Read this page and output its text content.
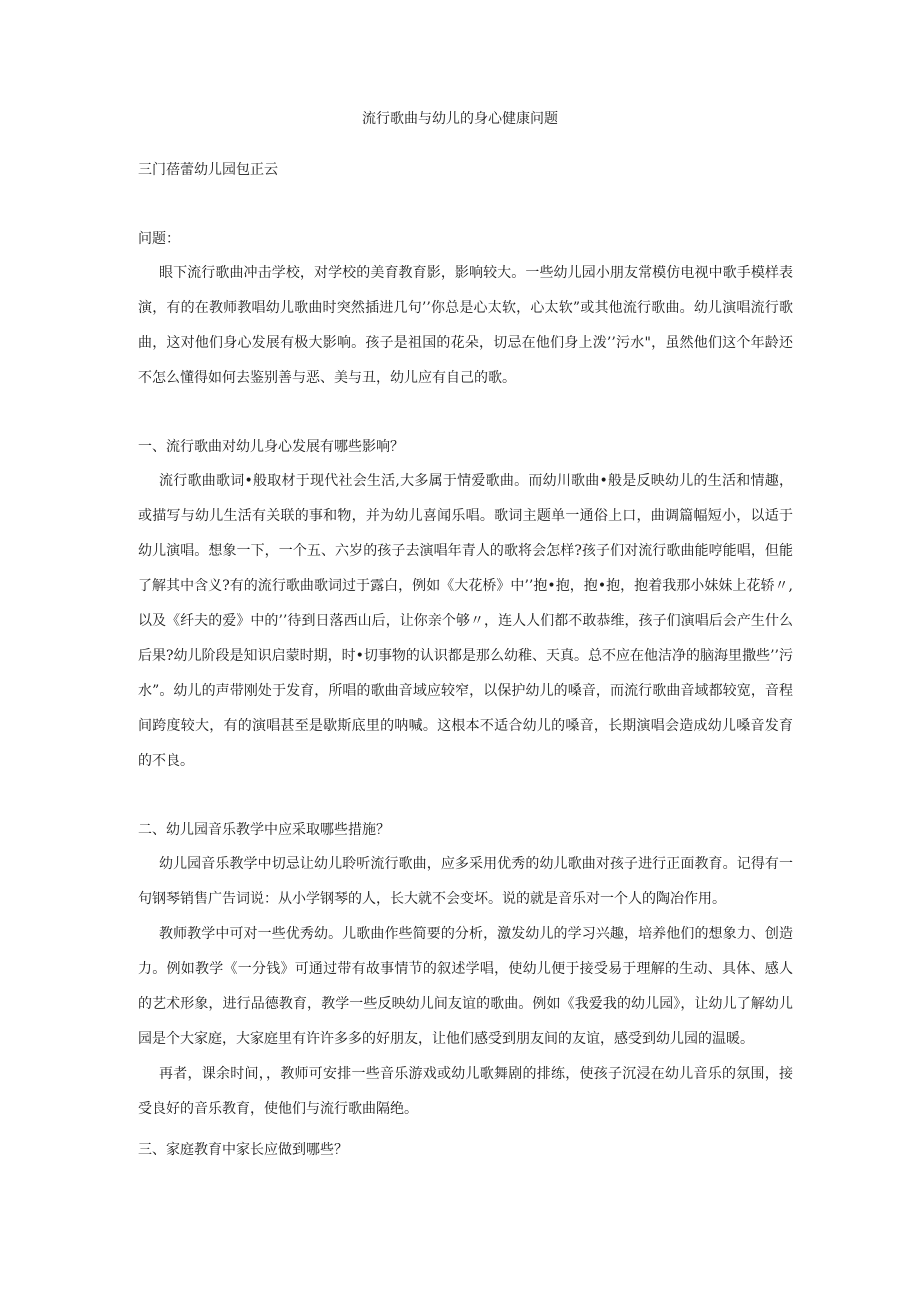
流行歌曲与幼儿的身心健康问题
三门蓓蕾幼儿园包正云

问题：

眼下流行歌曲冲击学校，对学校的美育教育影，影响较大。一些幼儿园小朋友常模仿电视中歌手模样表演，有的在教师教唱幼儿歌曲时突然插进几句’’你总是心太软，心太软”或其他流行歌曲。幼儿演唱流行歌曲，这对他们身心发展有极大影响。孩子是祖国的花朵，切忌在他们身上泼’’污水"，虽然他们这个年龄还不怎么懂得如何去鉴别善与恶、美与丑，幼儿应有自己的歌。

一、流行歌曲对幼儿身心发展有哪些影响？

流行歌曲歌词•般取材于现代社会生活,大多属于情爱歌曲。而幼川歌曲•般是反映幼儿的生活和情趣，或描写与幼儿生活有关联的事和物，并为幼儿喜闻乐唱。歌词主题单一通俗上口，曲调篇幅短小，以适于幼儿演唱。想象一下，一个五、六岁的孩子去演唱年青人的歌将会怎样?孩子们对流行歌曲能哼能唱，但能了解其中含义?有的流行歌曲歌词过于露白，例如《大花桥》中’’抱•抱，抱•抱，抱着我那小妹妹上花轿〃,以及《纤夫的爱》中的’’待到日落西山后，让你亲个够〃，连人人们都不敢恭维，孩子们演唱后会产生什么后果?幼儿阶段是知识启蒙时期，时•切事物的认识都是那么幼稚、天真。总不应在他洁净的脑海里撒些’’污水”。幼儿的声带刚处于发育，所唱的歌曲音域应较窄，以保护幼儿的嗓音，而流行歌曲音域都较宽，音程间跨度较大，有的演唱甚至是歇斯底里的呐喊。这根本不适合幼儿的嗓音，长期演唱会造成幼儿嗓音发育的不良。

二、幼儿园音乐教学中应采取哪些措施？

幼儿园音乐教学中切忌让幼儿聆听流行歌曲，应多采用优秀的幼儿歌曲对孩子进行正面教育。记得有一句钢琴销售广告词说：从小学钢琴的人，长大就不会变坏。说的就是音乐对一个人的陶冶作用。

教师教学中可对一些优秀幼。儿歌曲作些简要的分析，激发幼儿的学习兴趣，培养他们的想象力、创造力。例如教学《一分钱》可通过带有故事情节的叙述学唱，使幼儿便于接受易于理解的生动、具体、感人的艺术形象，进行品德教育，教学一些反映幼儿间友谊的歌曲。例如《我爱我的幼儿园》，让幼儿了解幼儿园是个大家庭，大家庭里有许许多多的好朋友，让他们感受到朋友间的友谊，感受到幼儿园的温暖。

再者，课余时间，，教师可安排一些音乐游戏或幼儿歌舞剧的排练，使孩子沉浸在幼儿音乐的氛围，接受良好的音乐教育，使他们与流行歌曲隔绝。

三、家庭教育中家长应做到哪些？
